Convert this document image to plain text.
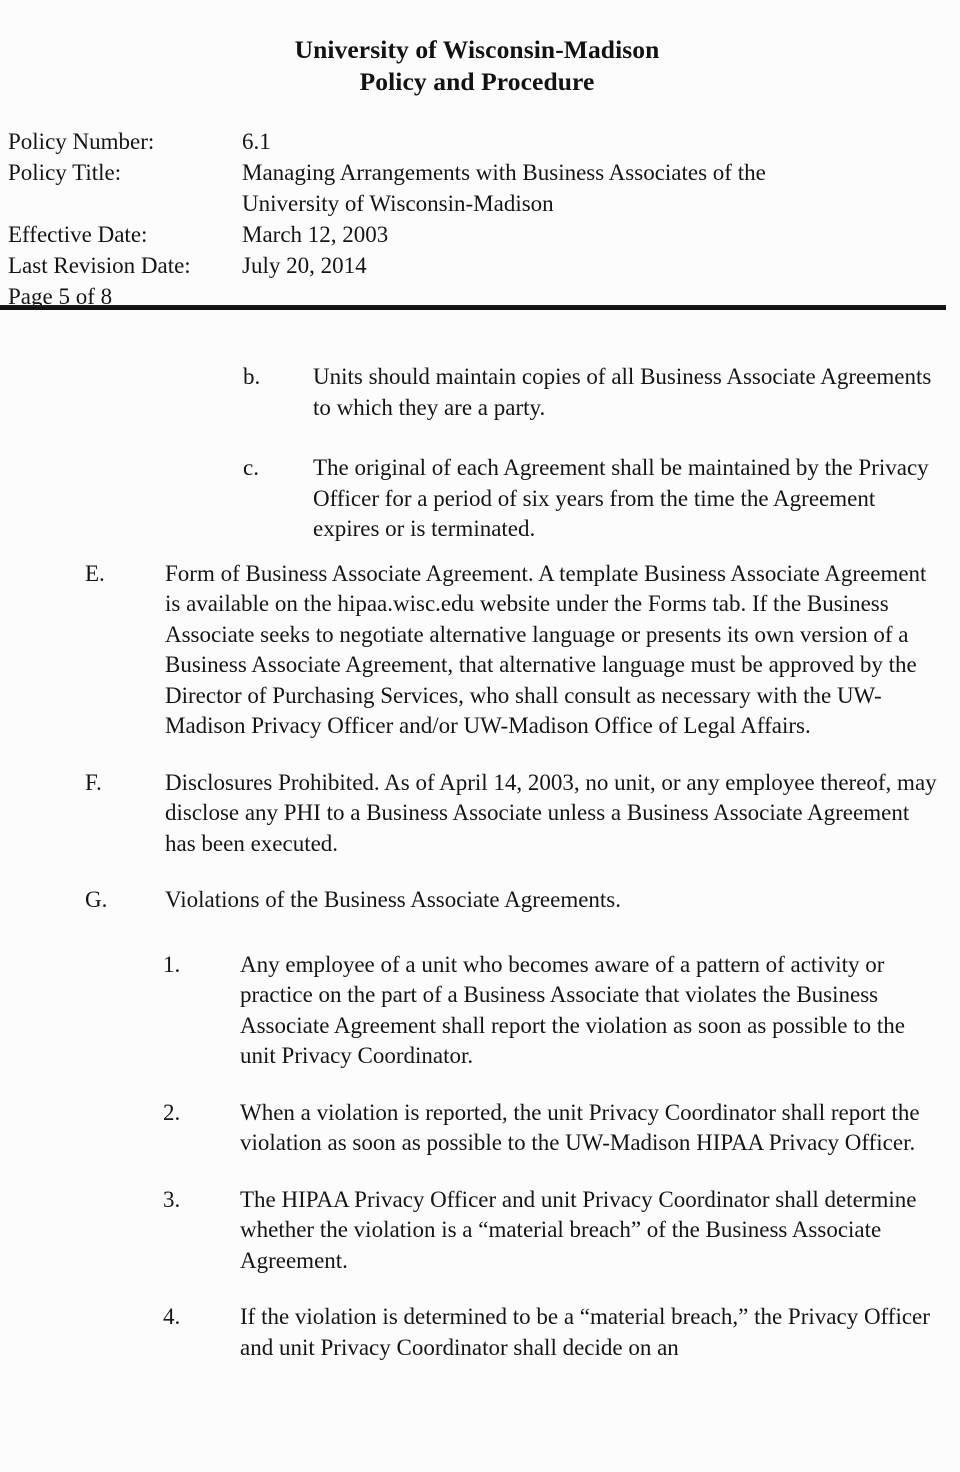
University of Wisconsin-Madison
Policy and Procedure
Policy Number:	6.1
Policy Title:	Managing Arrangements with Business Associates of the
University of Wisconsin-Madison
Effective Date:	March 12, 2003
Last Revision Date:	July 20, 2014
Page 5 of 8
b.	Units should maintain copies of all Business Associate Agreements to which they are a party.
c.	The original of each Agreement shall be maintained by the Privacy Officer for a period of six years from the time the Agreement expires or is terminated.
E.	Form of Business Associate Agreement. A template Business Associate Agreement is available on the hipaa.wisc.edu website under the Forms tab. If the Business Associate seeks to negotiate alternative language or presents its own version of a Business Associate Agreement, that alternative language must be approved by the Director of Purchasing Services, who shall consult as necessary with the UW-Madison Privacy Officer and/or UW-Madison Office of Legal Affairs.
F.	Disclosures Prohibited. As of April 14, 2003, no unit, or any employee thereof, may disclose any PHI to a Business Associate unless a Business Associate Agreement has been executed.
G.	Violations of the Business Associate Agreements.
1.	Any employee of a unit who becomes aware of a pattern of activity or practice on the part of a Business Associate that violates the Business Associate Agreement shall report the violation as soon as possible to the unit Privacy Coordinator.
2.	When a violation is reported, the unit Privacy Coordinator shall report the violation as soon as possible to the UW-Madison HIPAA Privacy Officer.
3.	The HIPAA Privacy Officer and unit Privacy Coordinator shall determine whether the violation is a “material breach” of the Business Associate Agreement.
4.	If the violation is determined to be a “material breach,” the Privacy Officer and unit Privacy Coordinator shall decide on an
